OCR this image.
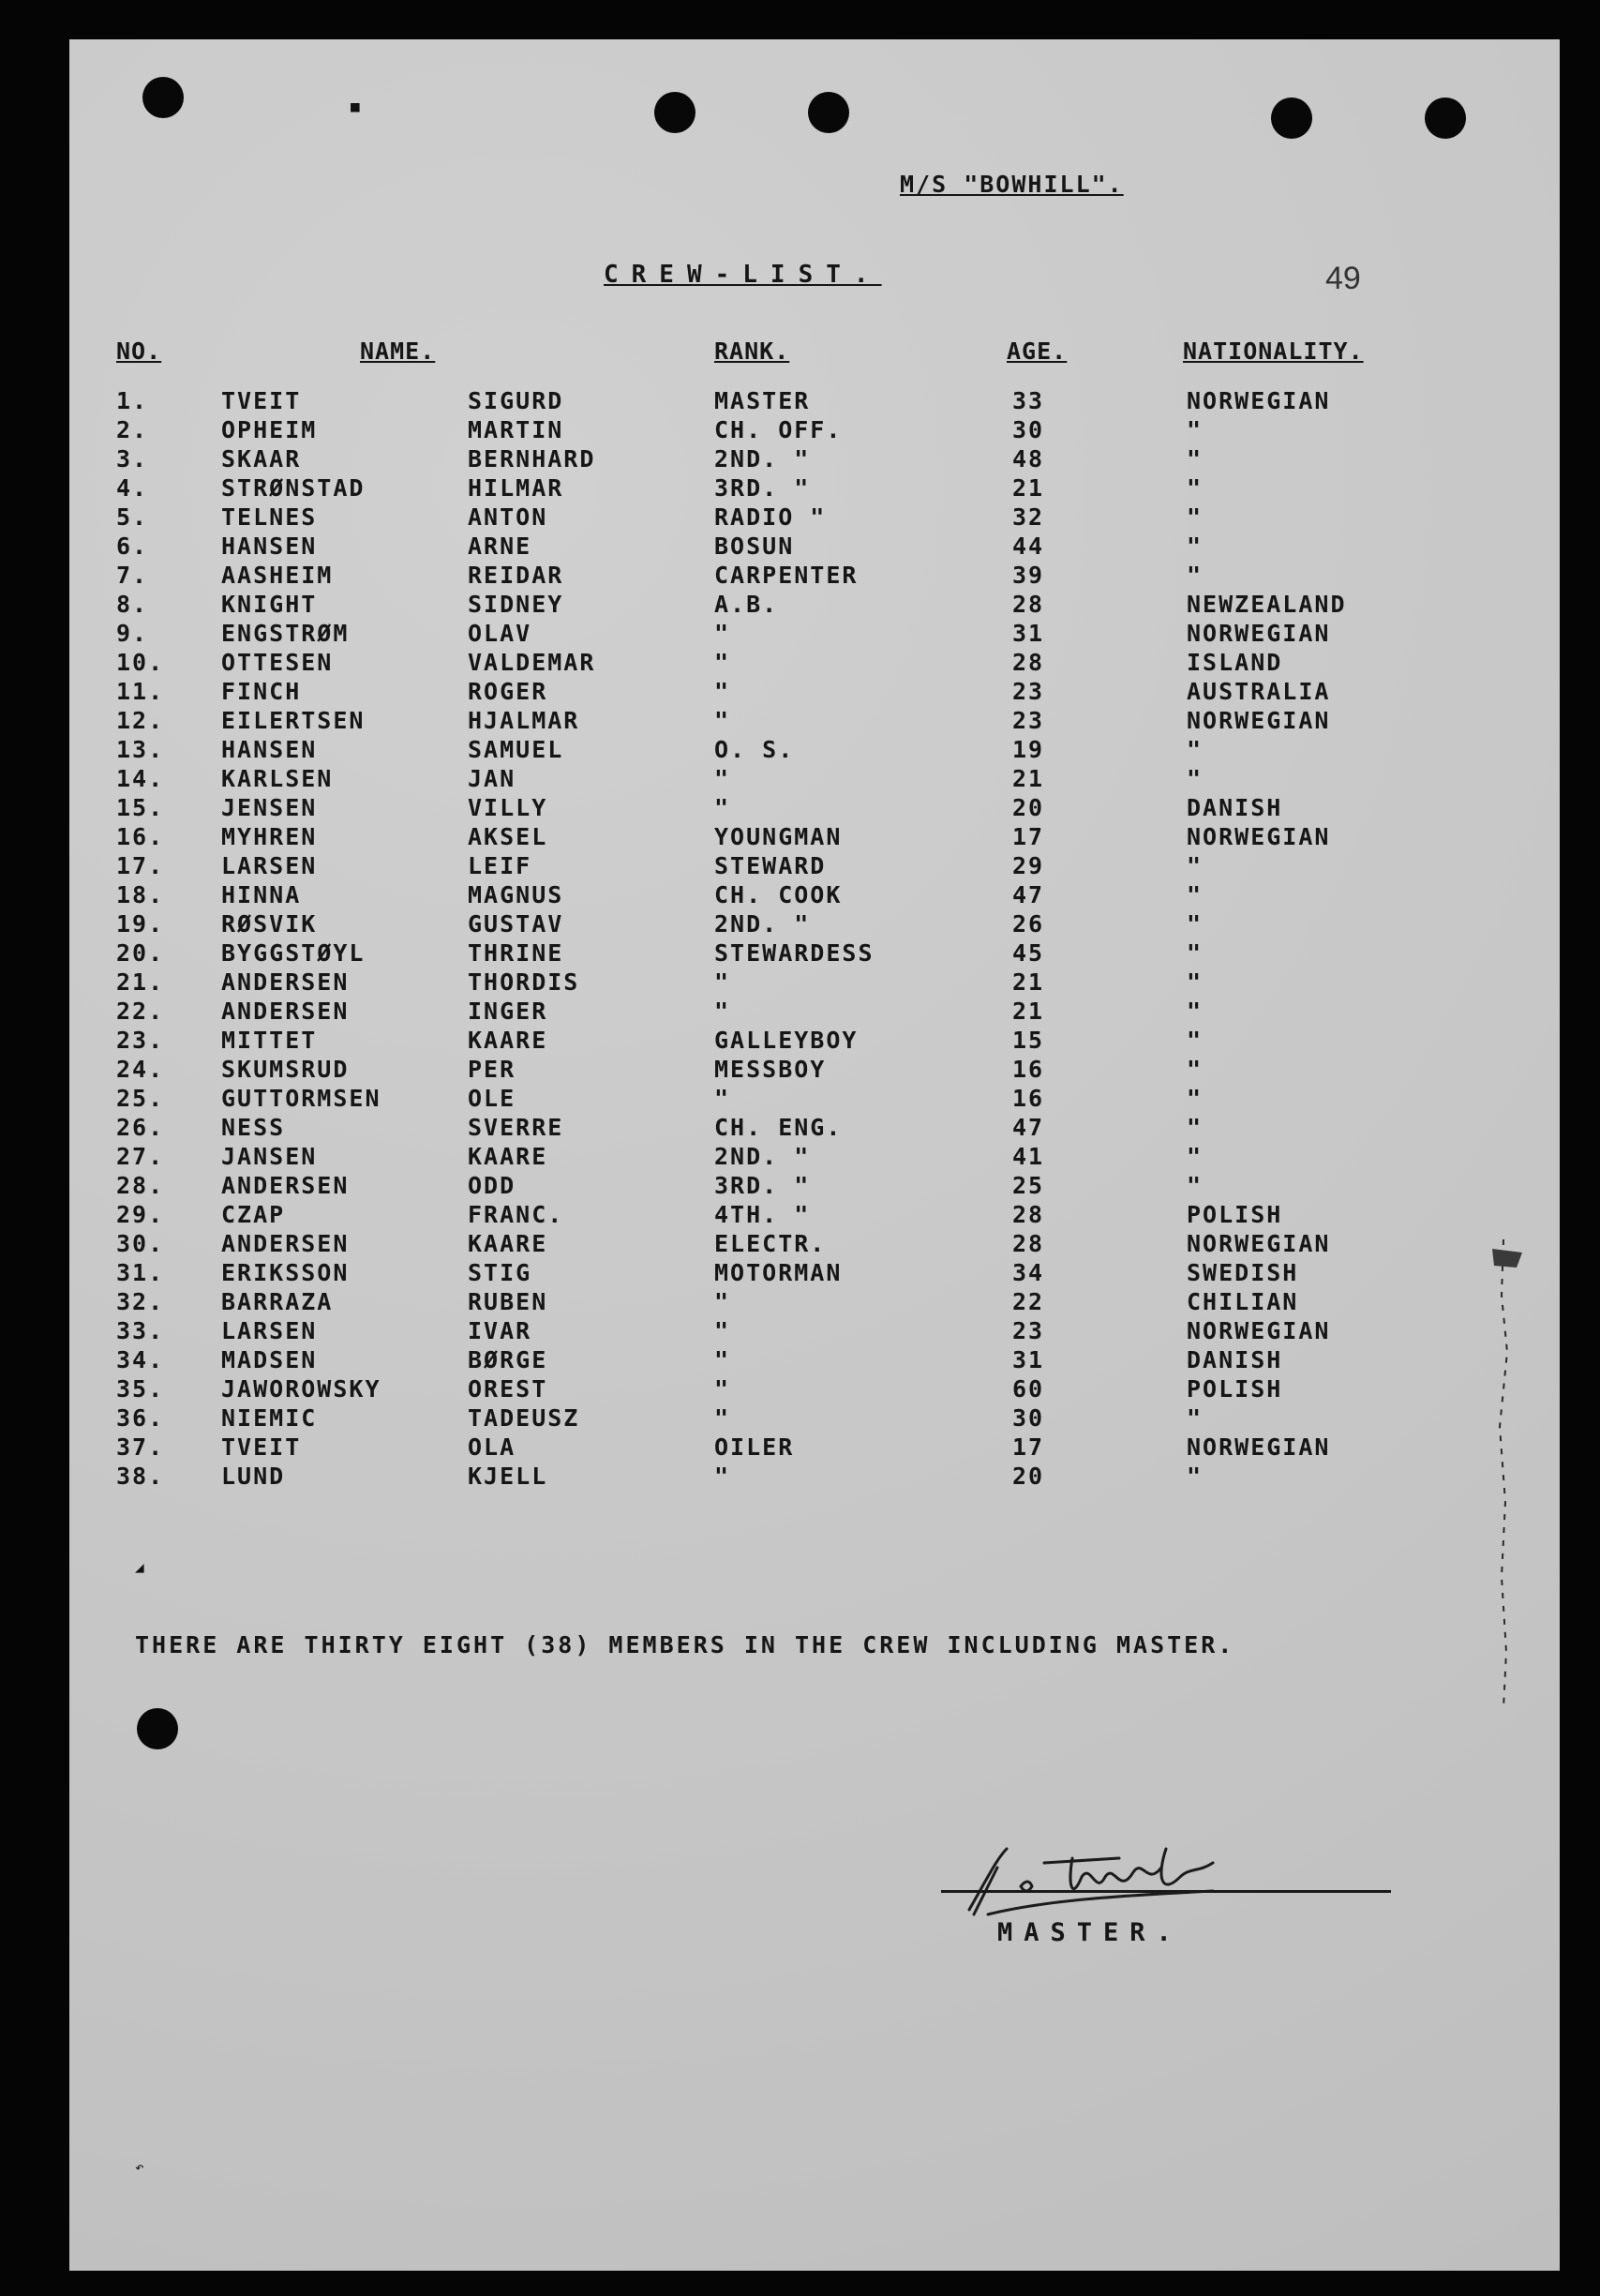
■
◢
↶
M/S "BOWHILL".
CREW-LIST.	49
NO.	NAME.	RANK.	AGE.	NATIONALITY.
1.	TVEIT	SIGURD	MASTER	33	NORWEGIAN
2.	OPHEIM	MARTIN	CH. OFF.	30	"
3.	SKAAR	BERNHARD	2ND. "	48	"
4.	STRØNSTAD	HILMAR	3RD. "	21	"
5.	TELNES	ANTON	RADIO "	32	"
6.	HANSEN	ARNE	BOSUN	44	"
7.	AASHEIM	REIDAR	CARPENTER	39	"
8.	KNIGHT	SIDNEY	A.B.	28	NEWZEALAND
9.	ENGSTRØM	OLAV	"	31	NORWEGIAN
10. OTTESEN	VALDEMAR	"	28	ISLAND
11. FINCH	ROGER	"	23	AUSTRALIA
12. EILERTSEN	HJALMAR	"	23	NORWEGIAN
13. HANSEN	SAMUEL	O. S.	19	"
14. KARLSEN	JAN	"	21	"
15. JENSEN	VILLY	"	20	DANISH
16. MYHREN	AKSEL	YOUNGMAN	17	NORWEGIAN
17. LARSEN	LEIF	STEWARD	29	"
18. HINNA	MAGNUS	CH. COOK	47	"
19. RØSVIK	GUSTAV	2ND. "	26	"
20. BYGGSTØYL	THRINE	STEWARDESS	45	"
21. ANDERSEN	THORDIS	"	21	"
22. ANDERSEN	INGER	"	21	"
23. MITTET	KAARE	GALLEYBOY	15	"
24. SKUMSRUD	PER	MESSBOY	16	"
25. GUTTORMSEN	OLE	"	16	"
26. NESS	SVERRE	CH. ENG.	47	"
27. JANSEN	KAARE	2ND. "	41	"
28. ANDERSEN	ODD	3RD. "	25	"
29. CZAP	FRANC.	4TH. "	28	POLISH
30. ANDERSEN	KAARE	ELECTR.	28	NORWEGIAN
31. ERIKSSON	STIG	MOTORMAN	34	SWEDISH
32. BARRAZA	RUBEN	"	22	CHILIAN
33. LARSEN	IVAR	"	23	NORWEGIAN
34. MADSEN	BØRGE	"	31	DANISH
35. JAWOROWSKY	OREST	"	60	POLISH
36. NIEMIC	TADEUSZ	"	30	"
37. TVEIT	OLA	OILER	17	NORWEGIAN
38. LUND	KJELL	"	20	"
THERE ARE THIRTY EIGHT (38) MEMBERS IN THE CREW INCLUDING MASTER.
MASTER.
